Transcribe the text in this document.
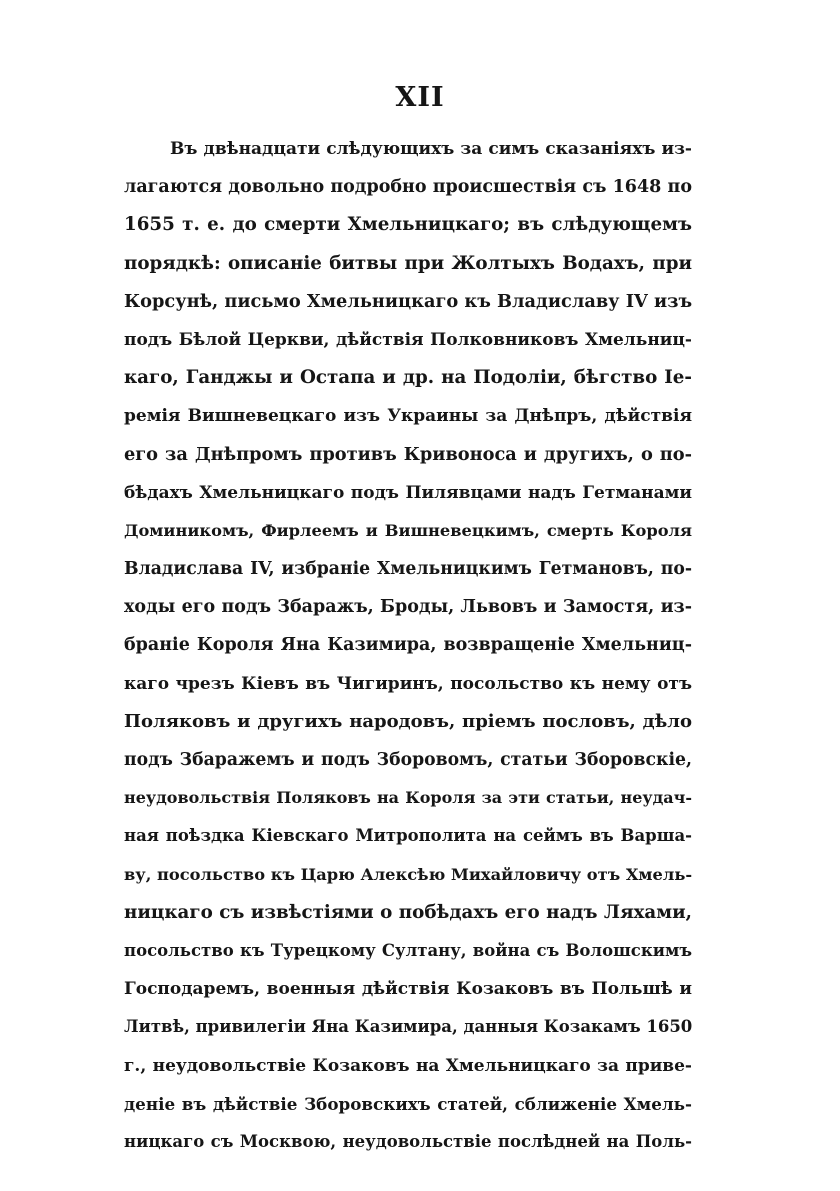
XII
Въ двѣнадцати слѣдующихъ за симъ сказаніяхъ из-
лагаются довольно подробно происшествія съ 1648 по
1655 т. е. до смерти Хмельницкаго; въ слѣдующемъ
порядкѣ: описаніе битвы при Жолтыхъ Водахъ, при
Корсунѣ, письмо Хмельницкаго къ Владиславу IV изъ
подъ Бѣлой Церкви, дѣйствія Полковниковъ Хмельниц-
каго, Ганджы и Остапа и др. на Подоліи, бѣгство Іе-
ремія Вишневецкаго изъ Украины за Днѣпръ, дѣйствія
его за Днѣпромъ противъ Кривоноса и другихъ, о по-
бѣдахъ Хмельницкаго подъ Пилявцами надъ Гетманами
Доминикомъ, Фирлеемъ и Вишневецкимъ, смерть Короля
Владислава IV, избраніе Хмельницкимъ Гетмановъ, по-
ходы его подъ Збаражъ, Броды, Львовъ и Замостя, из-
браніе Короля Яна Казимира, возвращеніе Хмельниц-
каго чрезъ Кіевъ въ Чигиринъ, посольство къ нему отъ
Поляковъ и другихъ народовъ, пріемъ пословъ, дѣло
подъ Збаражемъ и подъ Зборовомъ, статьи Зборовскіе,
неудовольствія Поляковъ на Короля за эти статьи, неудач-
ная поѣздка Кіевскаго Митрополита на сеймъ въ Варша-
ву, посольство къ Царю Алексѣю Михайловичу отъ Хмель-
ницкаго съ извѣстіями о побѣдахъ его надъ Ляхами,
посольство къ Турецкому Султану, война съ Волошскимъ
Господаремъ, военныя дѣйствія Козаковъ въ Польшѣ и
Литвѣ, привилегіи Яна Казимира, данныя Козакамъ 1650
г., неудовольствіе Козаковъ на Хмельницкаго за приве-
деніе въ дѣйствіе Зборовскихъ статей, сближеніе Хмель-
ницкаго съ Москвою, неудовольствіе послѣдней на Поль-
